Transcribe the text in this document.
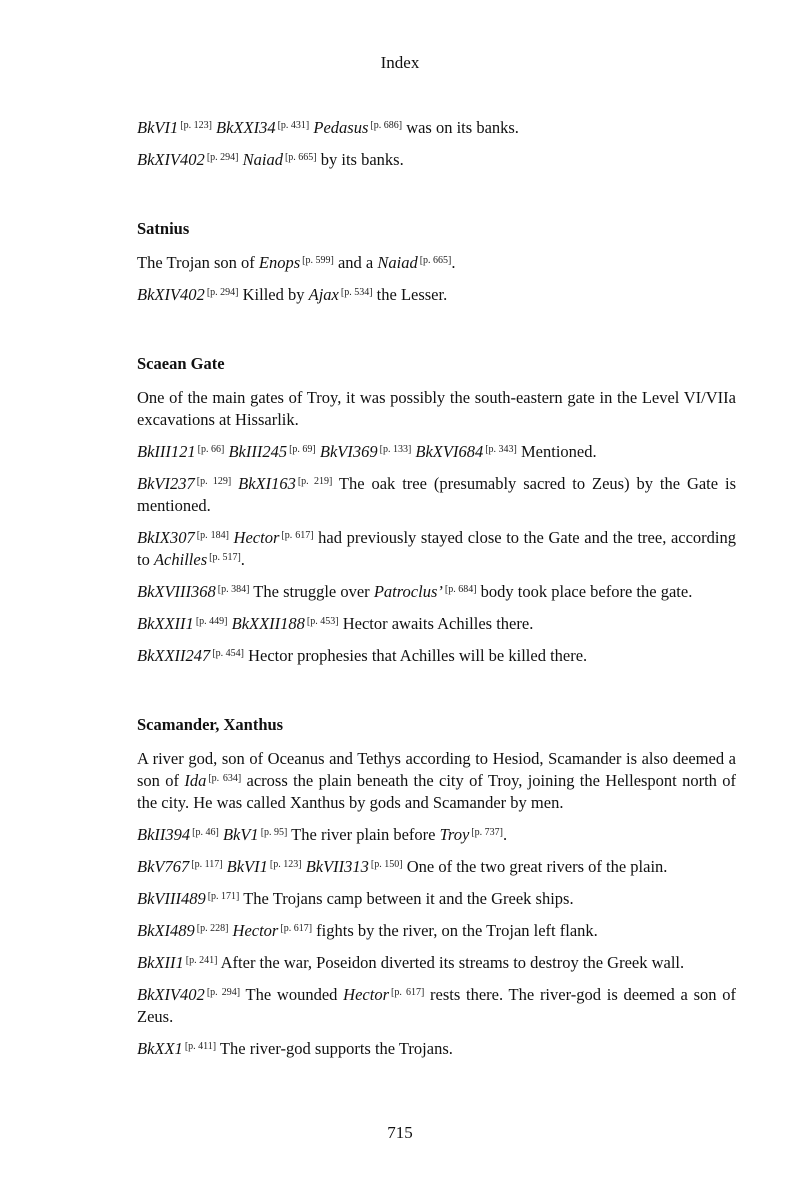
Index
BkVI1 [p. 123] BkXXI34 [p. 431] Pedasus [p. 686] was on its banks.
BkXIV402 [p. 294] Naiad [p. 665] by its banks.
Satnius
The Trojan son of Enops [p. 599] and a Naiad [p. 665].
BkXIV402 [p. 294] Killed by Ajax [p. 534] the Lesser.
Scaean Gate
One of the main gates of Troy, it was possibly the south-eastern gate in the Level VI/VIIa excavations at Hissarlik.
BkIII121 [p. 66] BkIII245 [p. 69] BkVI369 [p. 133] BkXVI684 [p. 343] Mentioned.
BkVI237 [p. 129] BkXI163 [p. 219] The oak tree (presumably sacred to Zeus) by the Gate is mentioned.
BkIX307 [p. 184] Hector [p. 617] had previously stayed close to the Gate and the tree, according to Achilles [p. 517].
BkXVIII368 [p. 384] The struggle over Patroclus’ [p. 684] body took place before the gate.
BkXXII1 [p. 449] BkXXII188 [p. 453] Hector awaits Achilles there.
BkXXII247 [p. 454] Hector prophesies that Achilles will be killed there.
Scamander, Xanthus
A river god, son of Oceanus and Tethys according to Hesiod, Scamander is also deemed a son of Ida [p. 634] across the plain beneath the city of Troy, joining the Hellespont north of the city. He was called Xanthus by gods and Scamander by men.
BkII394 [p. 46] BkV1 [p. 95] The river plain before Troy [p. 737].
BkV767 [p. 117] BkVI1 [p. 123] BkVII313 [p. 150] One of the two great rivers of the plain.
BkVIII489 [p. 171] The Trojans camp between it and the Greek ships.
BkXI489 [p. 228] Hector [p. 617] fights by the river, on the Trojan left flank.
BkXII1 [p. 241] After the war, Poseidon diverted its streams to destroy the Greek wall.
BkXIV402 [p. 294] The wounded Hector [p. 617] rests there. The river-god is deemed a son of Zeus.
BkXX1 [p. 411] The river-god supports the Trojans.
715
